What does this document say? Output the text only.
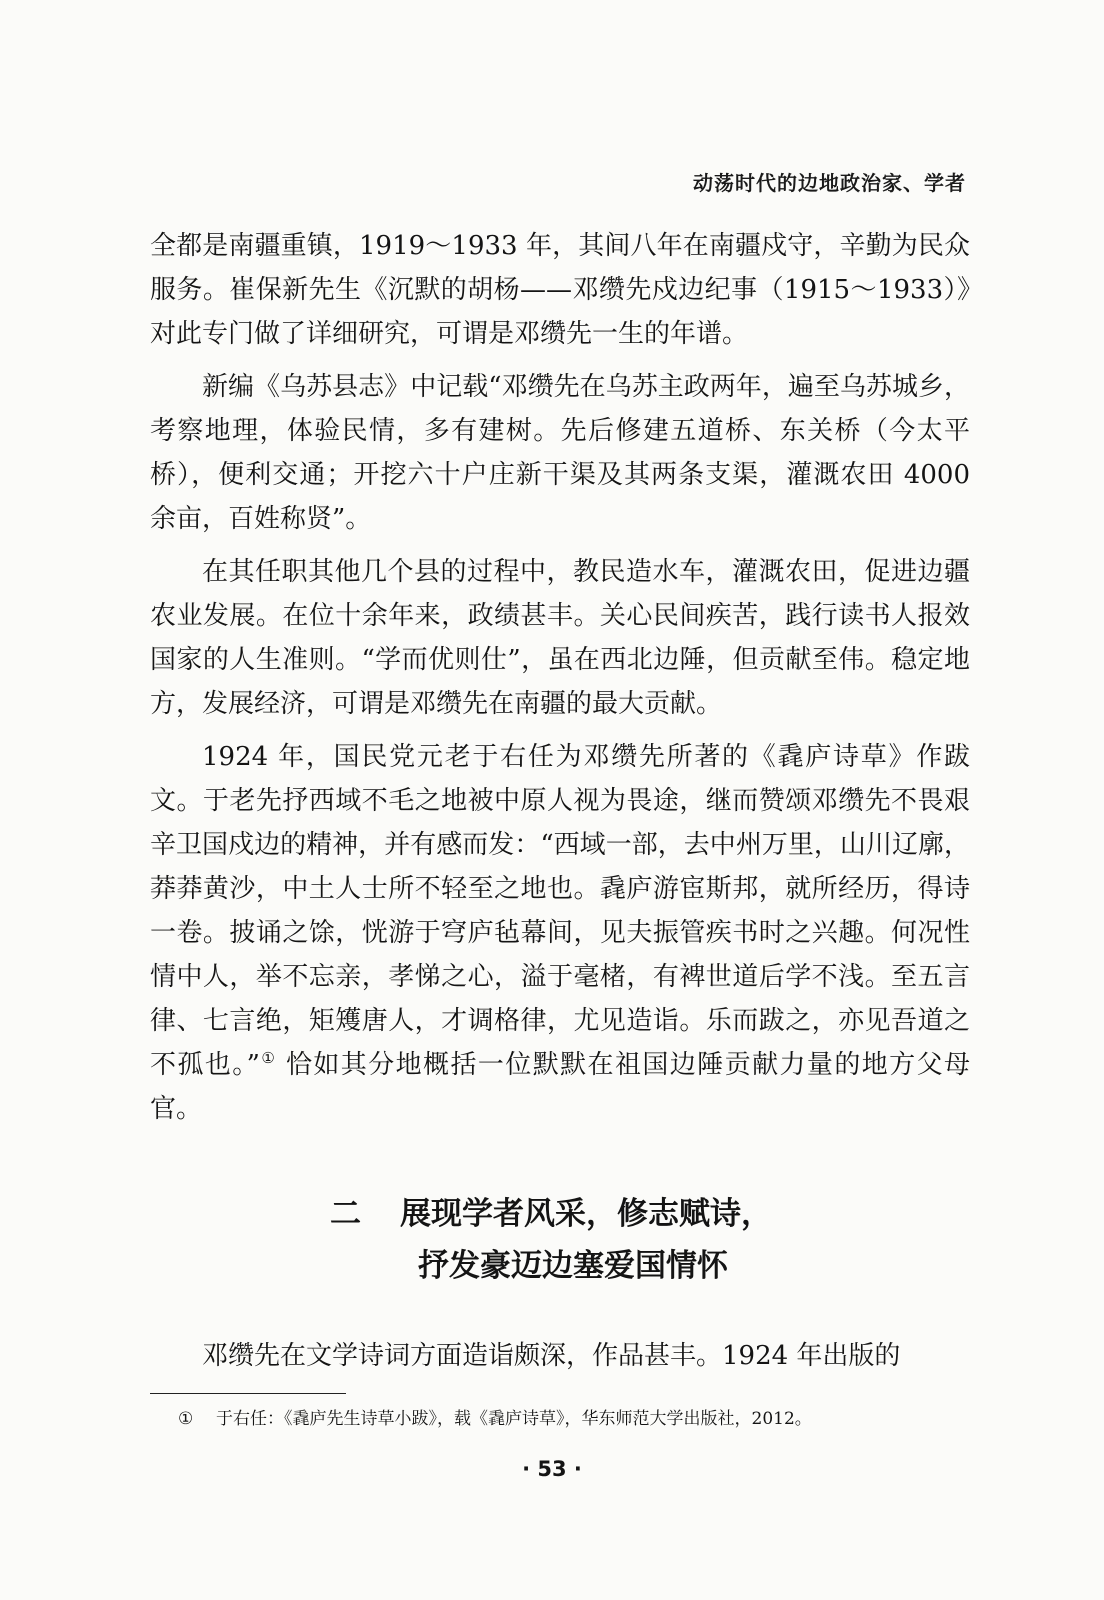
动荡时代的边地政治家、学者

全都是南疆重镇，1919～1933 年，其间八年在南疆戍守，辛勤为民众服务。崔保新先生《沉默的胡杨——邓缵先戍边纪事（1915～1933）》对此专门做了详细研究，可谓是邓缵先一生的年谱。

新编《乌苏县志》中记载“邓缵先在乌苏主政两年，遍至乌苏城乡，考察地理，体验民情，多有建树。先后修建五道桥、东关桥（今太平桥），便利交通；开挖六十户庄新干渠及其两条支渠，灌溉农田 4000 余亩，百姓称贤”。

在其任职其他几个县的过程中，教民造水车，灌溉农田，促进边疆农业发展。在位十余年来，政绩甚丰。关心民间疾苦，践行读书人报效国家的人生准则。“学而优则仕”，虽在西北边陲，但贡献至伟。稳定地方，发展经济，可谓是邓缵先在南疆的最大贡献。

1924 年，国民党元老于右任为邓缵先所著的《毳庐诗草》作跋文。于老先抒西域不毛之地被中原人视为畏途，继而赞颂邓缵先不畏艰辛卫国戍边的精神，并有感而发：“西域一部，去中州万里，山川辽廓，莽莽黄沙，中土人士所不轻至之地也。毳庐游宦斯邦，就所经历，得诗一卷。披诵之馀，恍游于穹庐毡幕间，见夫振管疾书时之兴趣。何况性情中人，举不忘亲，孝悌之心，溢于毫楮，有裨世道后学不浅。至五言律、七言绝，矩矱唐人，才调格律，尤见造诣。乐而跋之，亦见吾道之不孤也。”① 恰如其分地概括一位默默在祖国边陲贡献力量的地方父母官。

二 展现学者风采，修志赋诗，
抒发豪迈边塞爱国情怀

邓缵先在文学诗词方面造诣颇深，作品甚丰。1924 年出版的

① 于右任：《毳庐先生诗草小跋》，载《毳庐诗草》，华东师范大学出版社，2012。
· 53 ·
